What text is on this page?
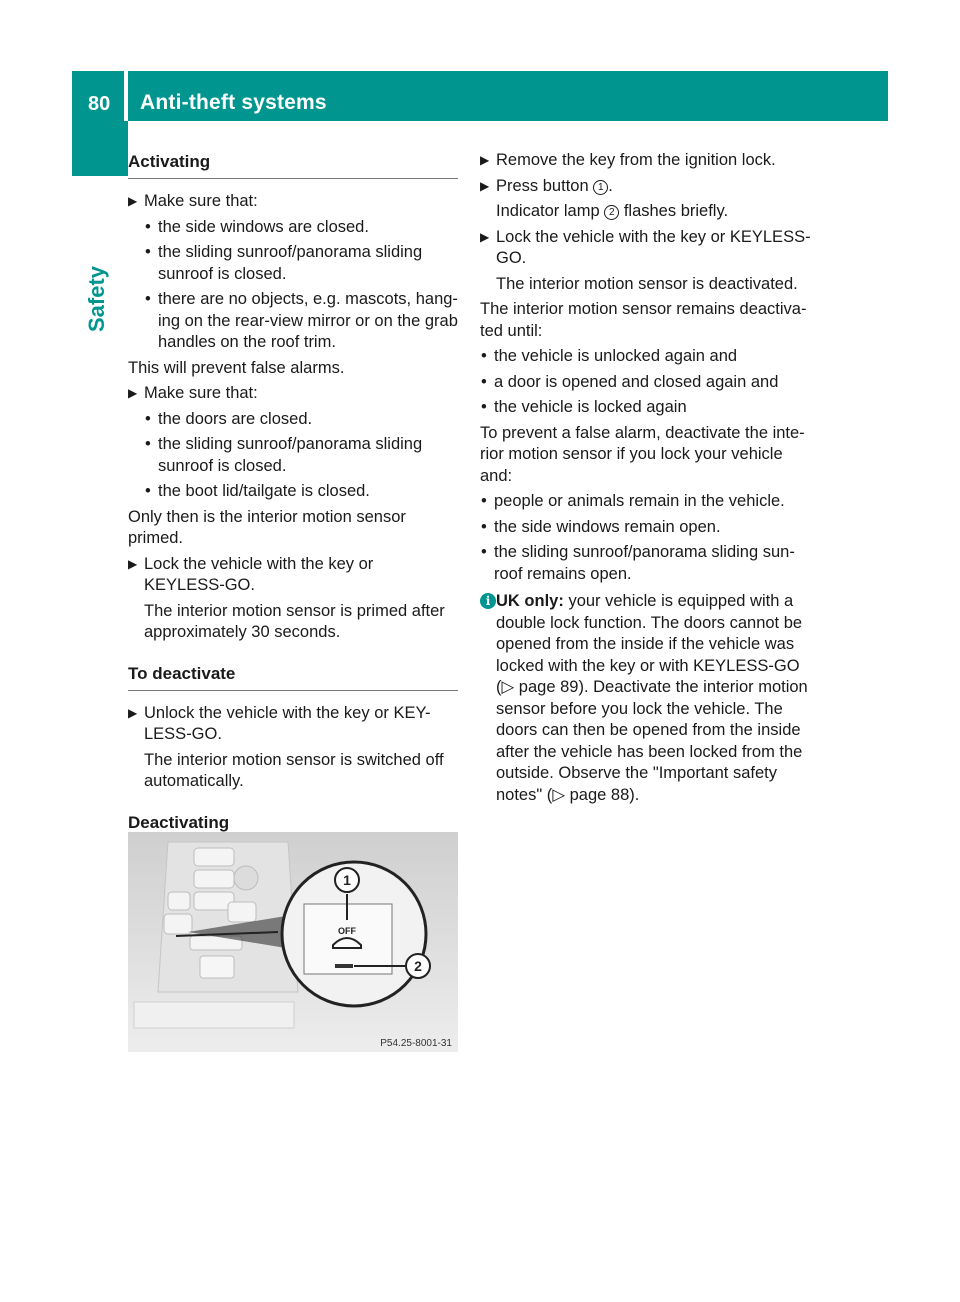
80 Anti-theft systems
Safety
Activating
▶ Make sure that:
• the side windows are closed.
• the sliding sunroof/panorama sliding sunroof is closed.
• there are no objects, e.g. mascots, hang-ing on the rear-view mirror or on the grab handles on the roof trim.
This will prevent false alarms.
▶ Make sure that:
• the doors are closed.
• the sliding sunroof/panorama sliding sunroof is closed.
• the boot lid/tailgate is closed.
Only then is the interior motion sensor primed.
▶ Lock the vehicle with the key or KEYLESS-GO.
The interior motion sensor is primed after approximately 30 seconds.
To deactivate
▶ Unlock the vehicle with the key or KEY-LESS-GO.
The interior motion sensor is switched off automatically.
Deactivating
OFF
1
2
P54.25-8001-31
▶ Remove the key from the ignition lock.
▶ Press button 1 .
Indicator lamp 2 flashes briefly.
▶ Lock the vehicle with the key or KEYLESS-GO.
The interior motion sensor is deactivated.
The interior motion sensor remains deactiva-ted until:
• the vehicle is unlocked again and
• a door is opened and closed again and
• the vehicle is locked again
To prevent a false alarm, deactivate the inte-rior motion sensor if you lock your vehicle and:
• people or animals remain in the vehicle.
• the side windows remain open.
• the sliding sunroof/panorama sliding sun-roof remains open.
i UK only: your vehicle is equipped with a double lock function. The doors cannot be opened from the inside if the vehicle was locked with the key or with KEYLESS-GO (▷ page 89). Deactivate the interior motion sensor before you lock the vehicle. The doors can then be opened from the inside after the vehicle has been locked from the outside. Observe the "Important safety notes" (▷ page 88).
